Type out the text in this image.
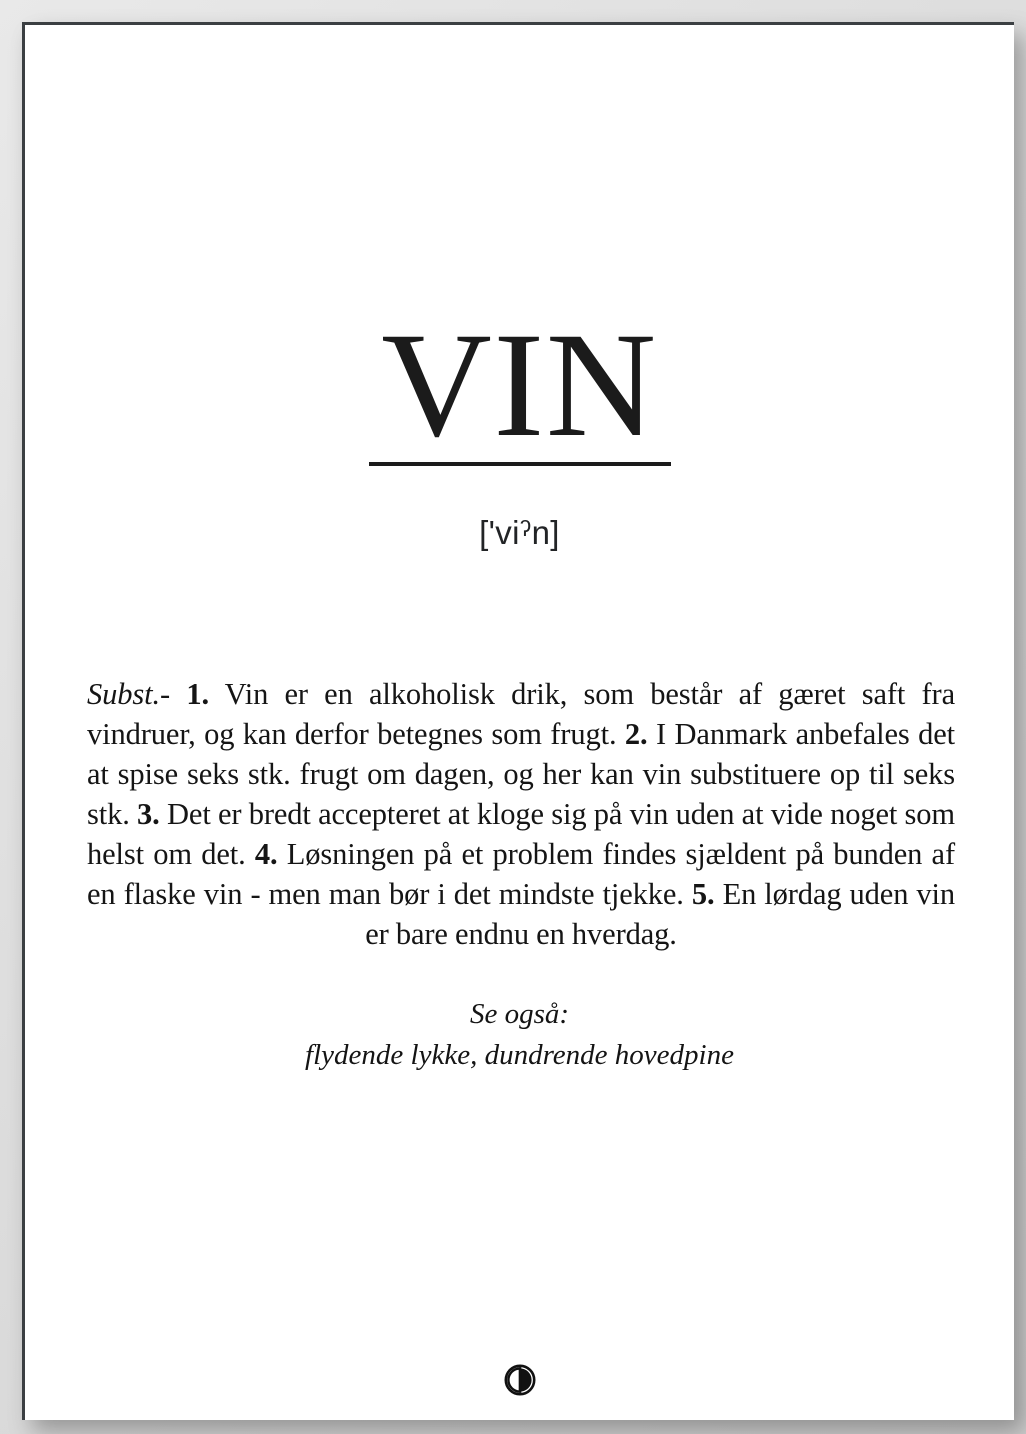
VIN
['viˀn]

Subst.- 1. Vin er en alkoholisk drik, som består af gæret saft fra vindruer, og kan derfor betegnes som frugt. 2. I Danmark anbefales det at spise seks stk. frugt om dagen, og her kan vin substituere op til seks stk. 3. Det er bredt accepteret at kloge sig på vin uden at vide noget som helst om det. 4. Løsningen på et problem findes sjældent på bunden af en flaske vin - men man bør i det mindste tjekke. 5. En lørdag uden vin er bare endnu en hverdag.

Se også:
flydende lykke, dundrende hovedpine
